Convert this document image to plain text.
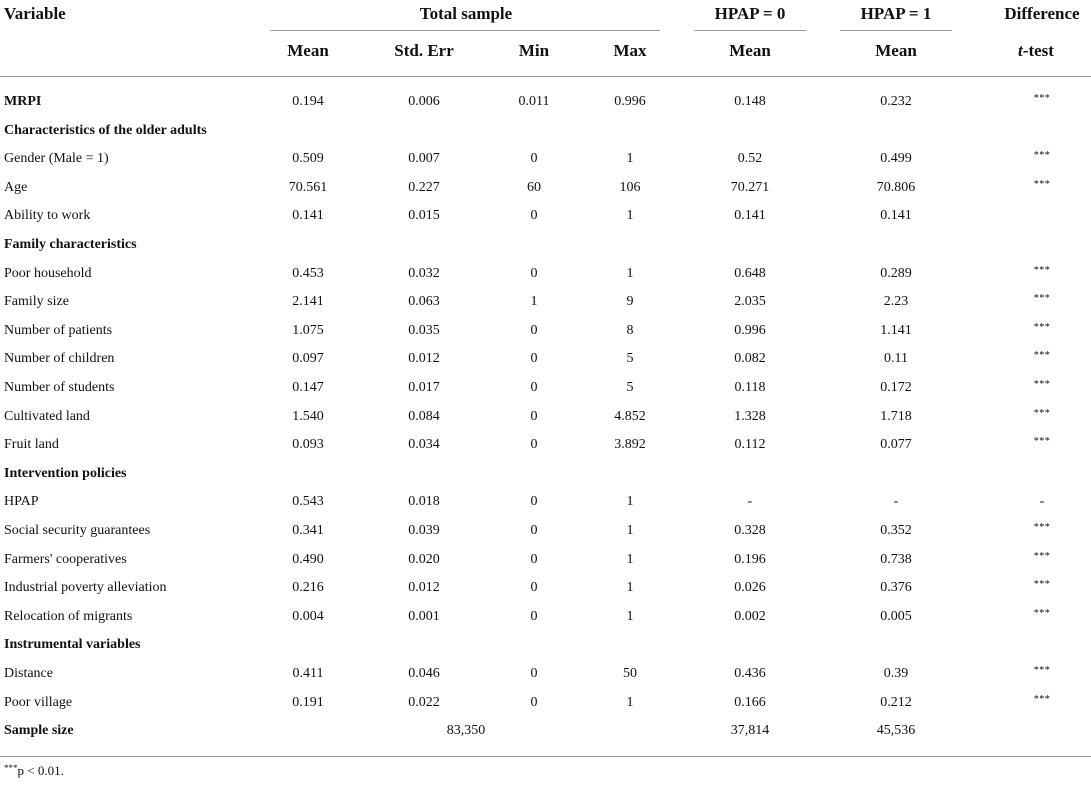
Variable	Total sample	HPAP = 0	HPAP = 1	Difference
Mean	Std. Err	Min	Max	Mean	Mean	t-test
MRPI	0.194	0.006	0.011	0.996	0.148	0.232	***
Characteristics of the older adults
Gender (Male = 1)	0.509	0.007	0	1	0.52	0.499	***
Age	70.561	0.227	60	106	70.271	70.806	***
Ability to work	0.141	0.015	0	1	0.141	0.141
Family characteristics
Poor household	0.453	0.032	0	1	0.648	0.289	***
Family size	2.141	0.063	1	9	2.035	2.23	***
Number of patients	1.075	0.035	0	8	0.996	1.141	***
Number of children	0.097	0.012	0	5	0.082	0.11	***
Number of students	0.147	0.017	0	5	0.118	0.172	***
Cultivated land	1.540	0.084	0	4.852	1.328	1.718	***
Fruit land	0.093	0.034	0	3.892	0.112	0.077	***
Intervention policies
HPAP	0.543	0.018	0	1	-	-	-
Social security guarantees	0.341	0.039	0	1	0.328	0.352	***
Farmers' cooperatives	0.490	0.020	0	1	0.196	0.738	***
Industrial poverty alleviation	0.216	0.012	0	1	0.026	0.376	***
Relocation of migrants	0.004	0.001	0	1	0.002	0.005	***
Instrumental variables
Distance	0.411	0.046	0	50	0.436	0.39	***
Poor village	0.191	0.022	0	1	0.166	0.212	***
Sample size	83,350	37,814	45,536
***p < 0.01.
